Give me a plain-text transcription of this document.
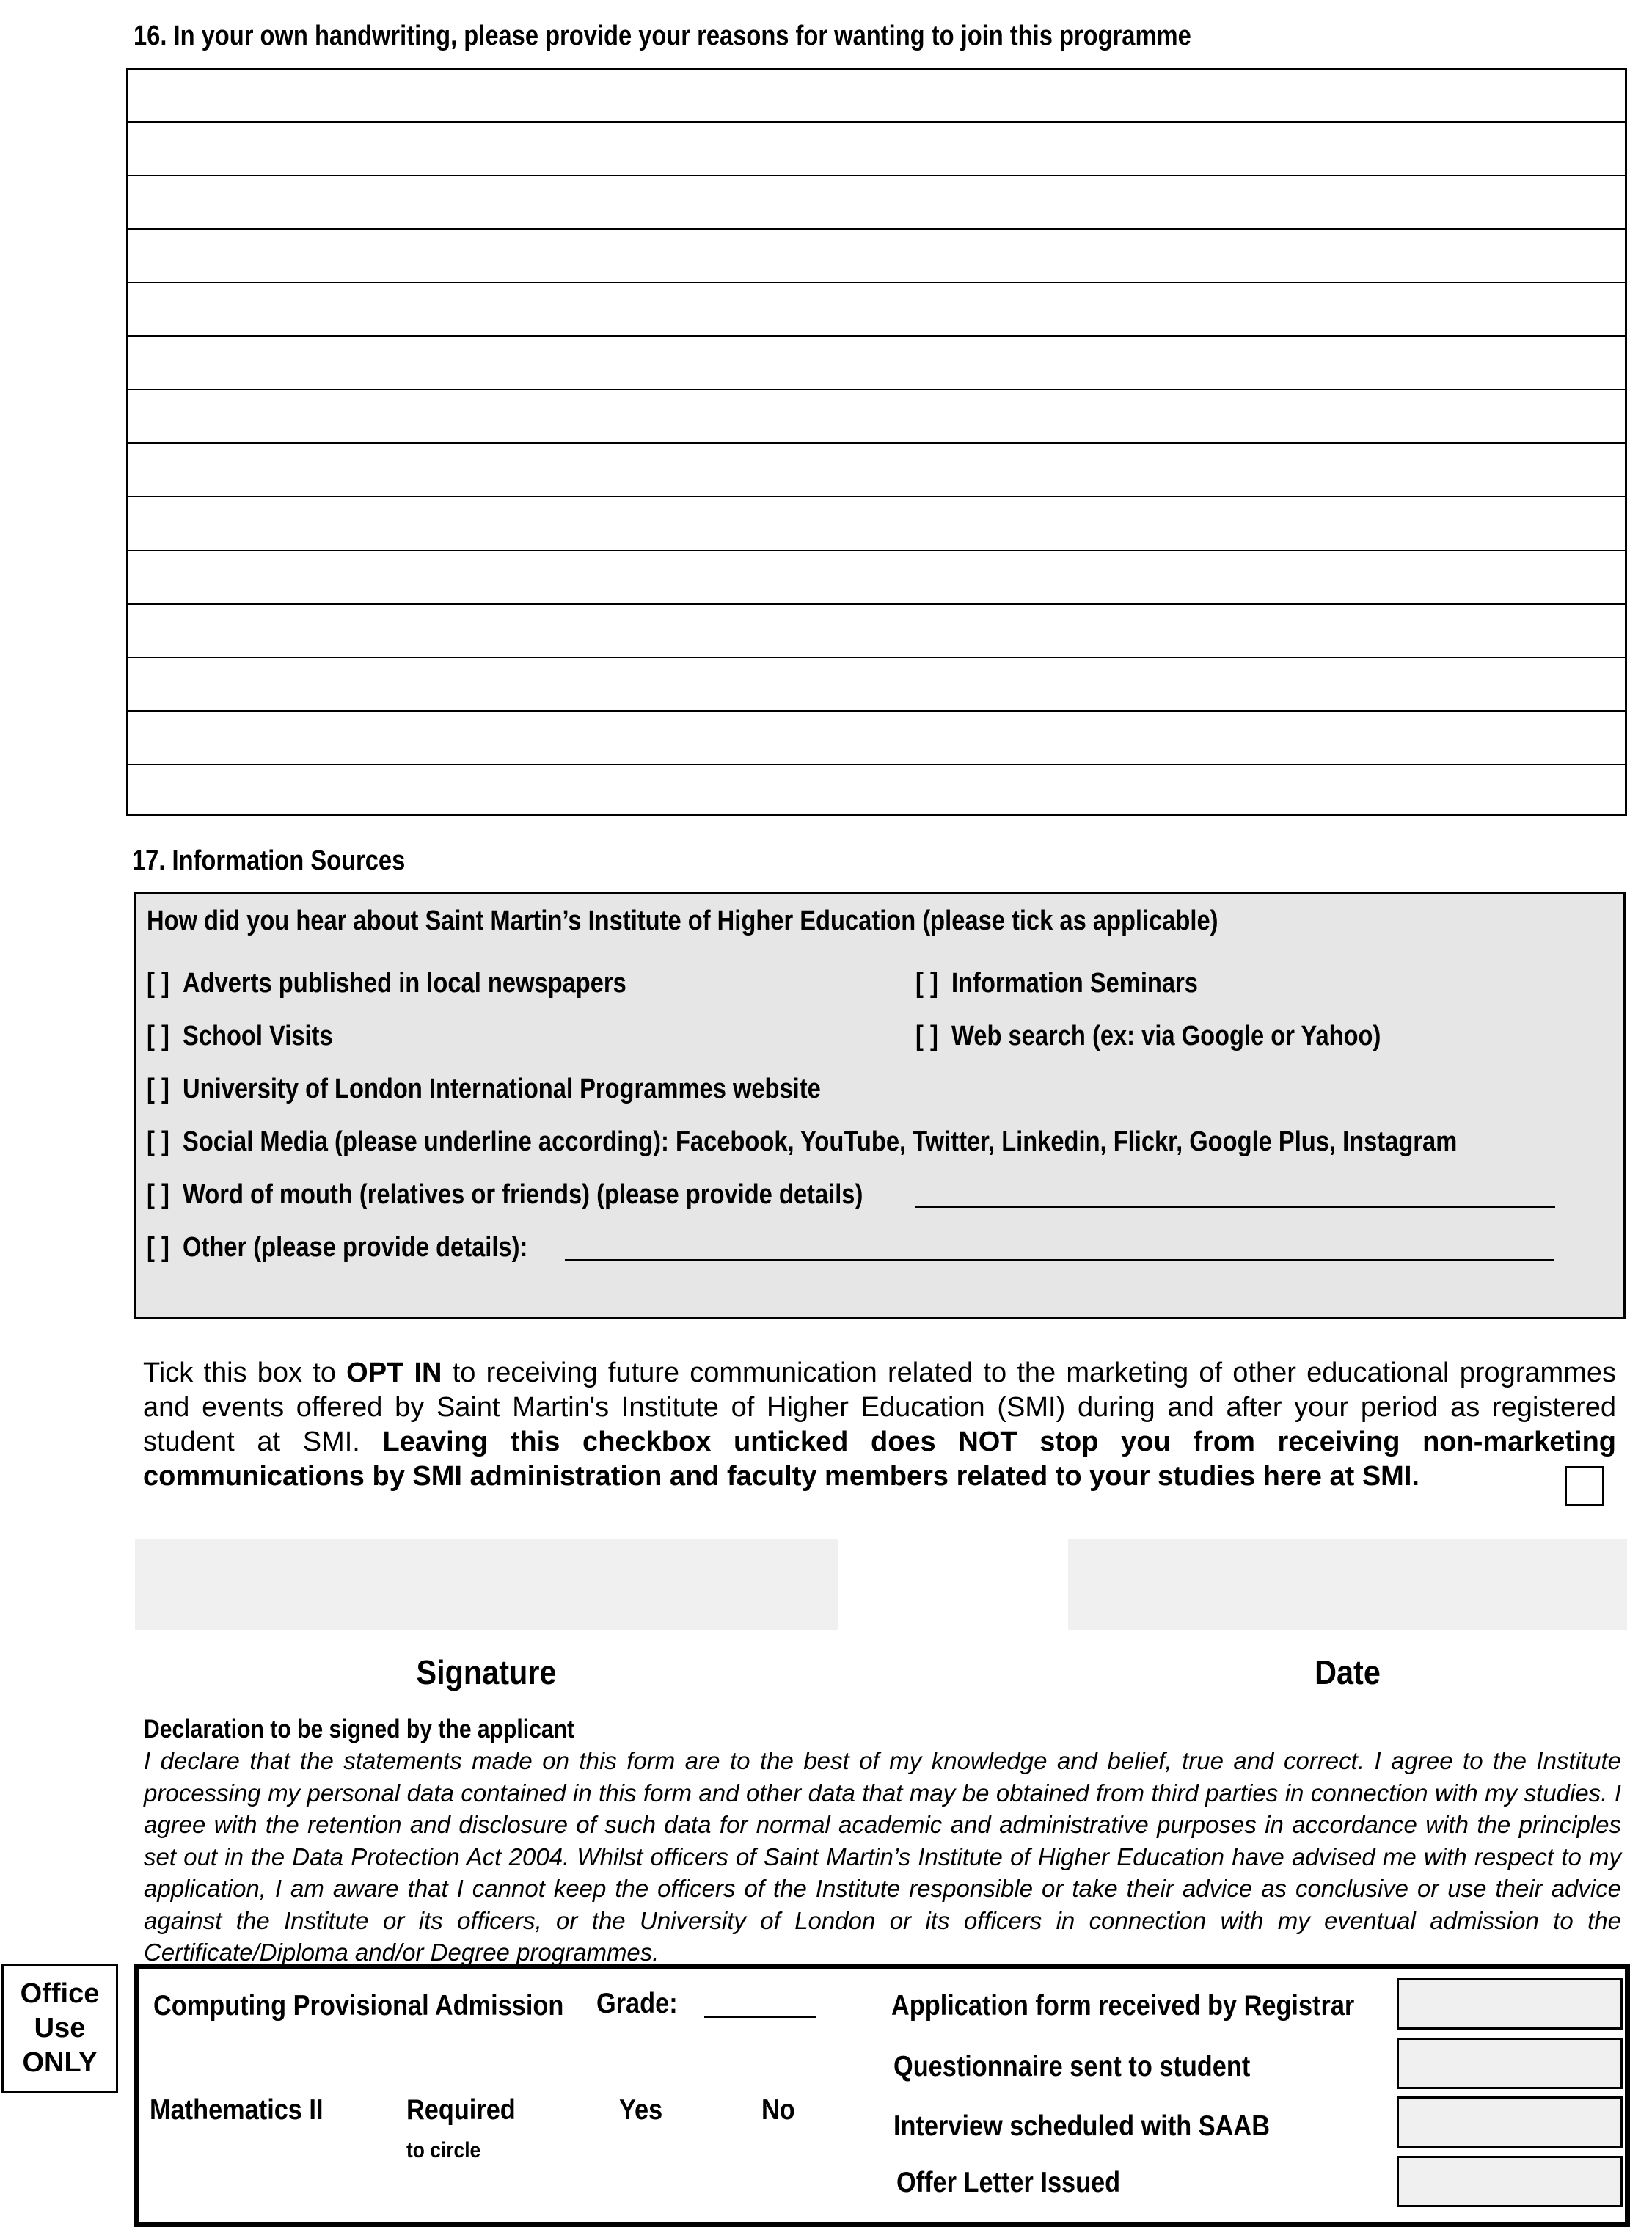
16. In your own handwriting, please provide your reasons for wanting to join this programme
17. Information Sources
How did you hear about Saint Martin’s Institute of Higher Education (please tick as applicable)
[ ] Adverts published in local newspapers	[ ] Information Seminars
[ ] School Visits	[ ] Web search (ex: via Google or Yahoo)
[ ] University of London International Programmes website
[ ] Social Media (please underline according): Facebook, YouTube, Twitter, Linkedin, Flickr, Google Plus, Instagram
[ ] Word of mouth (relatives or friends) (please provide details)
[ ] Other (please provide details):
Tick this box to OPT IN to receiving future communication related to the marketing of other educational programmes and events offered by Saint Martin's Institute of Higher Education (SMI) during and after your period as registered student at SMI. Leaving this checkbox unticked does NOT stop you from receiving non-marketing communications by SMI administration and faculty members related to your studies here at SMI.
Signature	Date
Declaration to be signed by the applicant
I declare that the statements made on this form are to the best of my knowledge and belief, true and correct. I agree to the Institute processing my personal data contained in this form and other data that may be obtained from third parties in connection with my studies. I agree with the retention and disclosure of such data for normal academic and administrative purposes in accordance with the principles set out in the Data Protection Act 2004. Whilst officers of Saint Martin’s Institute of Higher Education have advised me with respect to my application, I am aware that I cannot keep the officers of the Institute responsible or take their advice as conclusive or use their advice against the Institute or its officers, or the University of London or its officers in connection with my eventual admission to the Certificate/Diploma and/or Degree programmes.
Office
Use
ONLY
Computing Provisional Admission Grade:
Mathematics II	Required
to circle
Yes	No
Application form received by Registrar
Questionnaire sent to student
Interview scheduled with SAAB
Offer Letter Issued
